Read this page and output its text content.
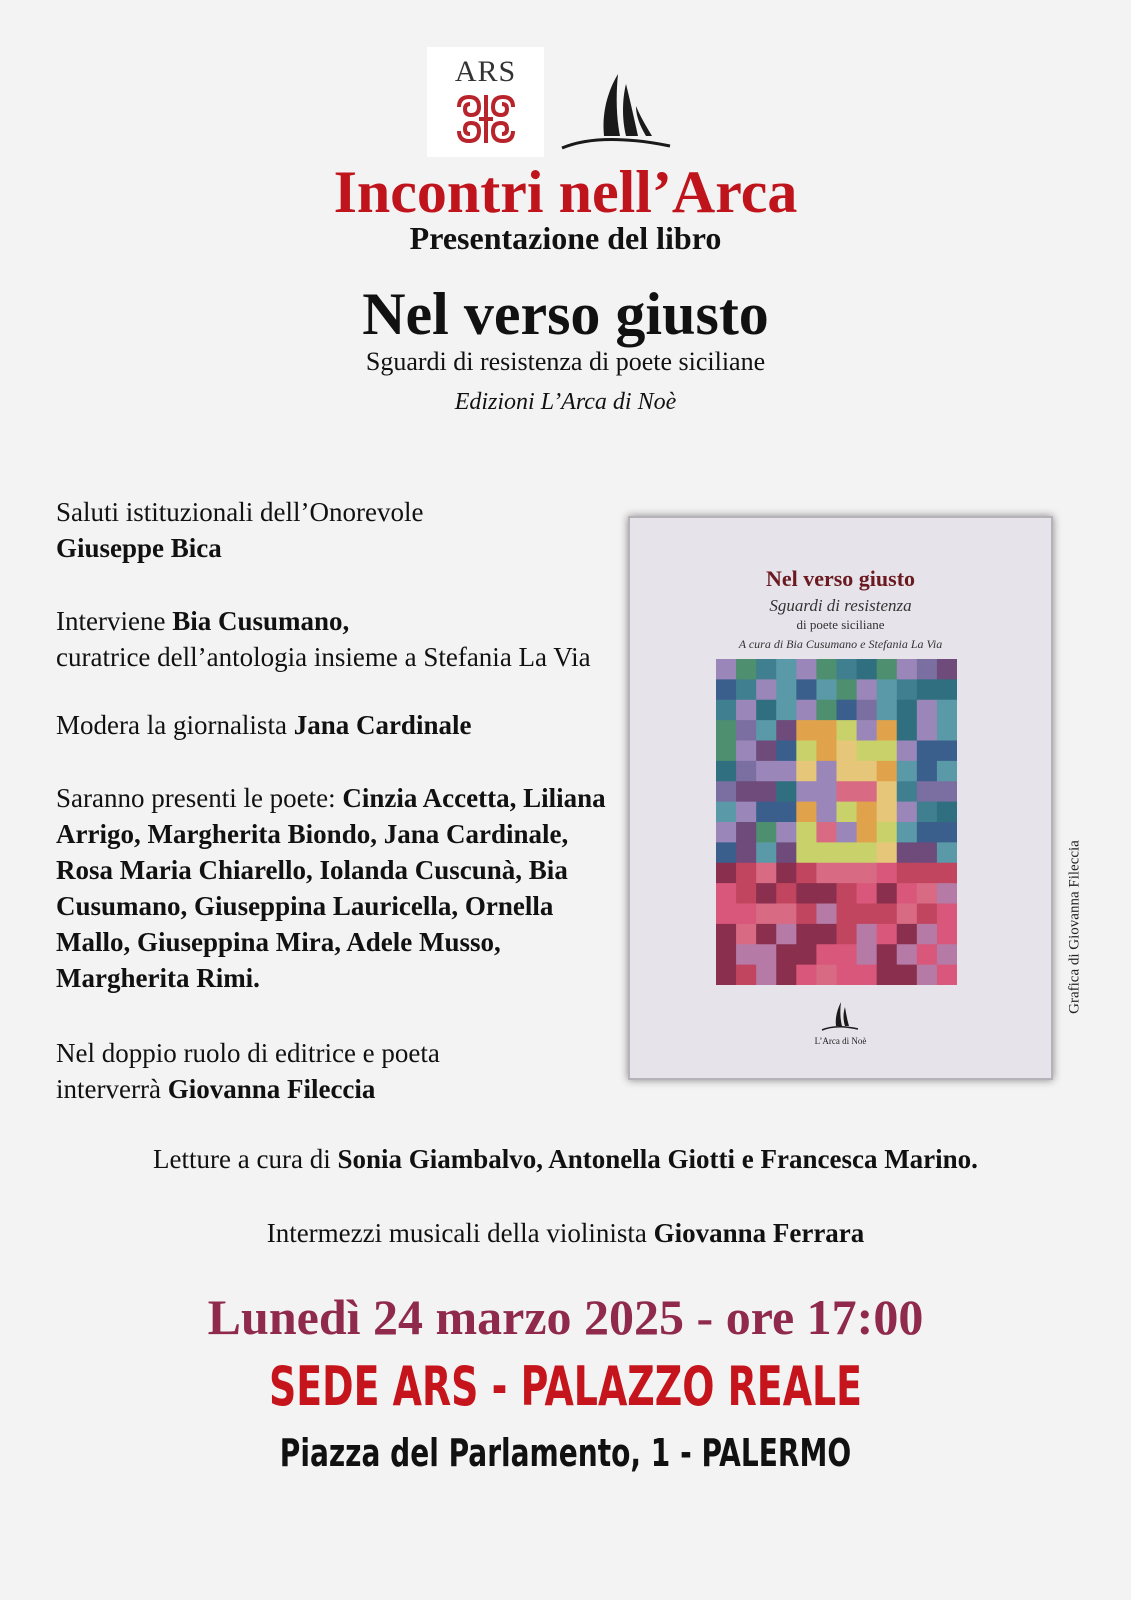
ARS
Incontri nell’Arca
Presentazione del libro
Nel verso giusto
Sguardi di resistenza di poete siciliane
Edizioni L’Arca di Noè
Saluti istituzionali dell’Onorevole
Giuseppe Bica
Interviene Bia Cusumano,
curatrice dell’antologia insieme a Stefania La Via
Modera la giornalista Jana Cardinale
Saranno presenti le poete: Cinzia Accetta, Liliana Arrigo, Margherita Biondo, Jana Cardinale, Rosa Maria Chiarello, Iolanda Cuscunà, Bia Cusumano, Giuseppina Lauricella, Ornella Mallo, Giuseppina Mira, Adele Musso, Margherita Rimi.
Nel doppio ruolo di editrice e poeta
interverrà Giovanna Fileccia
Letture a cura di Sonia Giambalvo, Antonella Giotti e Francesca Marino.
Intermezzi musicali della violinista Giovanna Ferrara
Lunedì 24 marzo 2025 - ore 17:00
SEDE ARS - PALAZZO REALE
Piazza del Parlamento, 1 - PALERMO
Nel verso giusto
Sguardi di resistenza
di poete siciliane
A cura di Bia Cusumano e Stefania La Via
L’Arca di Noè
Grafica di Giovanna Fileccia
